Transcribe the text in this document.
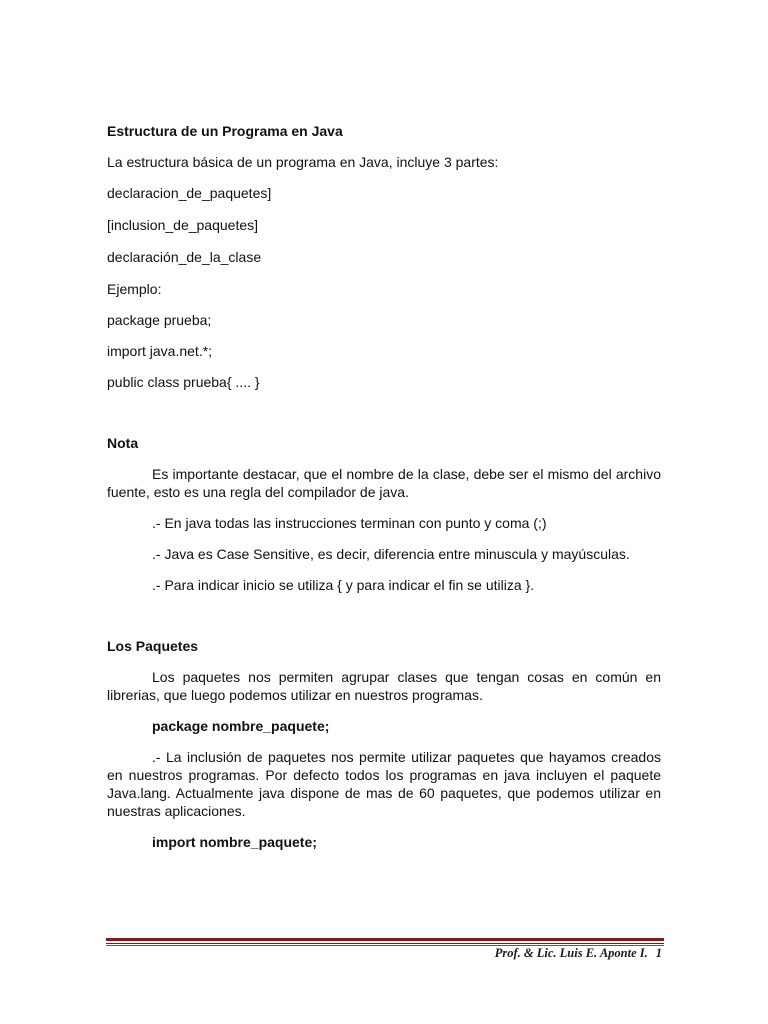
Estructura de un Programa en Java

La estructura básica de un programa en Java, incluye 3 partes:

declaracion_de_paquetes]

[inclusion_de_paquetes]

declaración_de_la_clase

Ejemplo:

package prueba;

import java.net.*;

public class prueba{ .... }

Nota

Es importante destacar, que el nombre de la clase, debe ser el mismo del archivo fuente, esto es una regla del compilador de java.

.- En java todas las instrucciones terminan con punto y coma (;)

.- Java es Case Sensitive, es decir, diferencia entre minuscula y mayúsculas.

.- Para indicar inicio se utiliza { y para indicar el fin se utiliza }.

Los Paquetes

Los paquetes nos permiten agrupar clases que tengan cosas en común en librerias, que luego podemos utilizar en nuestros programas.

package nombre_paquete;

.- La inclusión de paquetes nos permite utilizar paquetes que hayamos creados en nuestros programas. Por defecto todos los programas en java incluyen el paquete Java.lang. Actualmente java dispone de mas de 60 paquetes, que podemos utilizar en nuestras aplicaciones.

import nombre_paquete;

Prof. & Lic. Luis E. Aponte I. 1
